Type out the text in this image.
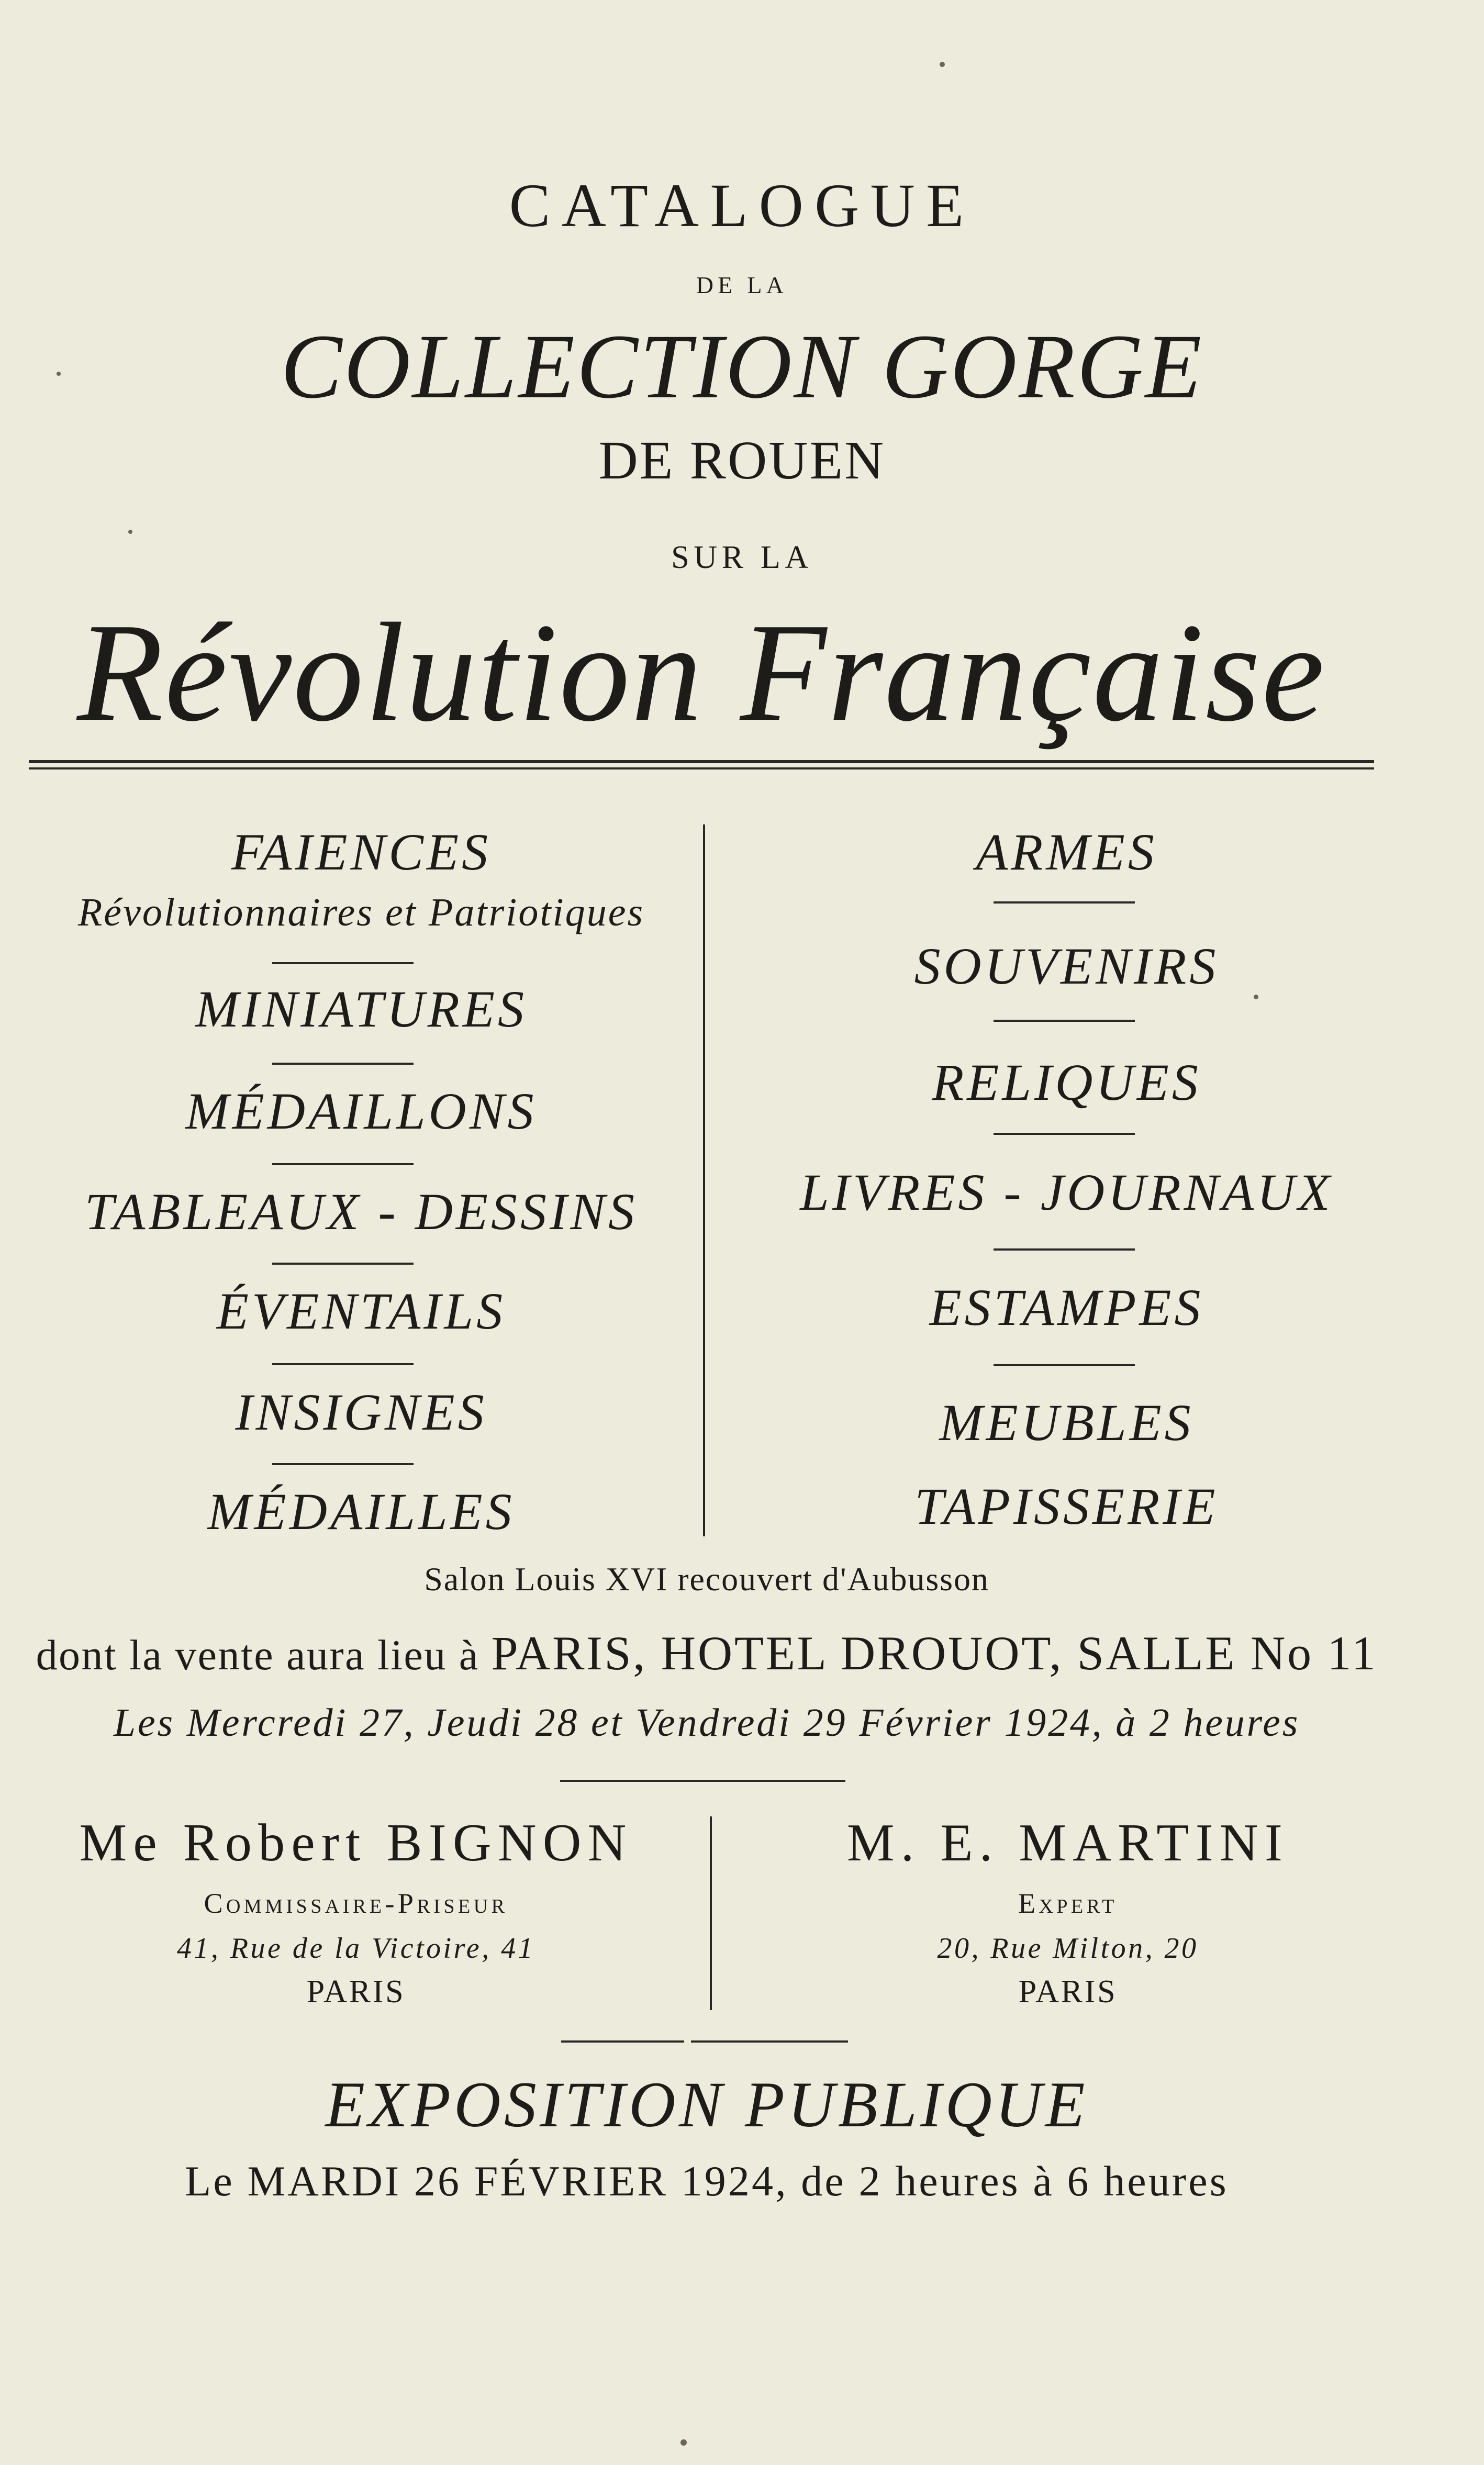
CATALOGUE
DE LA
COLLECTION GORGE
DE ROUEN
SUR LA
Révolution Française
FAIENCES
Révolutionnaires et Patriotiques
MINIATURES
MÉDAILLONS
TABLEAUX - DESSINS
ÉVENTAILS
INSIGNES
MÉDAILLES
ARMES
SOUVENIRS
RELIQUES
LIVRES - JOURNAUX
ESTAMPES
MEUBLES
TAPISSERIE
Salon Louis XVI recouvert d'Aubusson
dont la vente aura lieu à PARIS, HOTEL DROUOT, SALLE No 11
Les Mercredi 27, Jeudi 28 et Vendredi 29 Février 1924, à 2 heures
Me Robert BIGNON
Commissaire-Priseur
41, Rue de la Victoire, 41
PARIS
M. E. MARTINI
Expert
20, Rue Milton, 20
PARIS
EXPOSITION PUBLIQUE
Le MARDI 26 FÉVRIER 1924, de 2 heures à 6 heures
